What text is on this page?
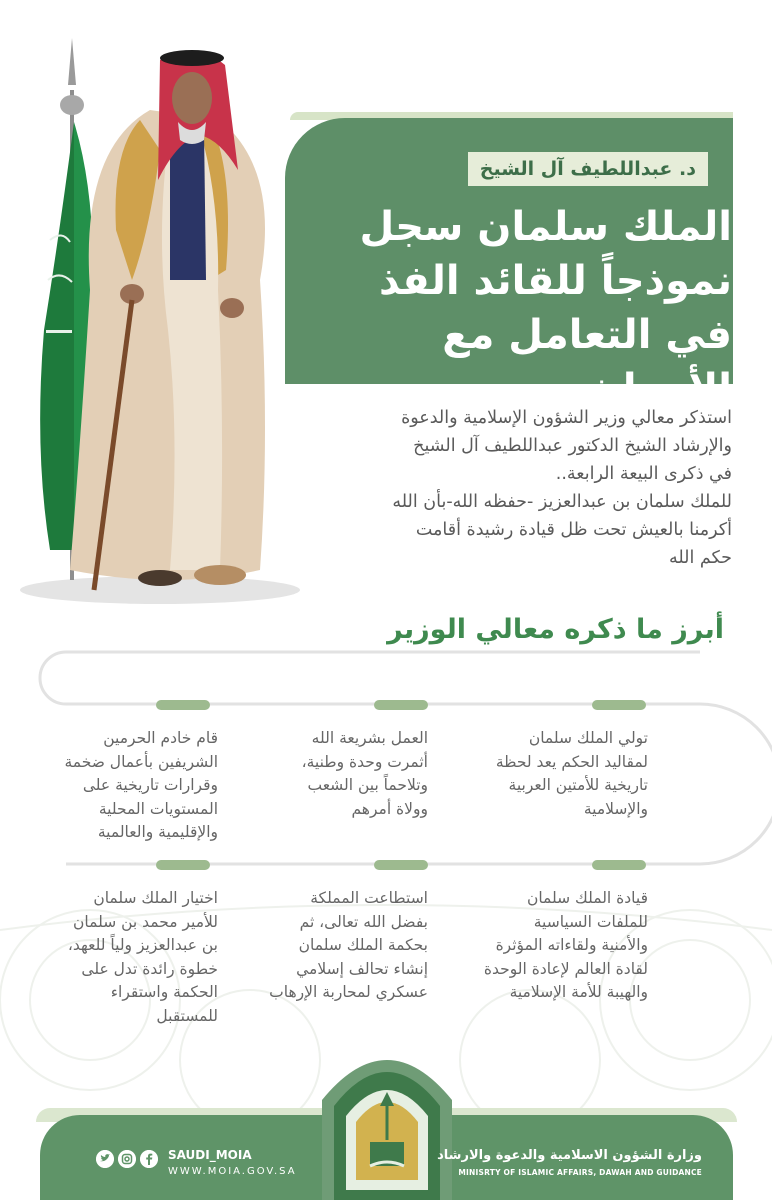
د. عبداللطيف آل الشيخ
الملك سلمان سجل
نموذجاً للقائد الفذ
في التعامل مع الأحداث

استذكر معالي وزير الشؤون الإسلامية والدعوة
والإرشاد الشيخ الدكتور عبداللطيف آل الشيخ
في ذكرى البيعة الرابعة..
للملك سلمان بن عبدالعزيز -حفظه الله-بأن الله
أكرمنا بالعيش تحت ظل قيادة رشيدة أقامت
حكم الله

أبرز ما ذكره معالي الوزير

تولي الملك سلمان
لمقاليد الحكم يعد لحظة
تاريخية للأمتين العربية
والإسلامية

العمل بشريعة الله
أثمرت وحدة وطنية،
وتلاحماً بين الشعب
وولاة أمرهم

قام خادم الحرمين
الشريفين بأعمال ضخمة
وقرارات تاريخية على
المستويات المحلية
والإقليمية والعالمية

قيادة الملك سلمان
للملفات السياسية
والأمنية ولقاءاته المؤثرة
لقادة العالم لإعادة الوحدة
والهيبة للأمة الإسلامية

استطاعت المملكة
بفضل الله تعالى، ثم
بحكمة الملك سلمان
إنشاء تحالف إسلامي
عسكري لمحاربة الإرهاب

اختيار الملك سلمان
للأمير محمد بن سلمان
بن عبدالعزيز ولياً للعهد،
خطوة رائدة تدل على
الحكمة واستقراء
للمستقبل

وزارة الشؤون الاسلامية والدعوة والارشاد
MINISRTY OF ISLAMIC AFFAIRS, DAWAH AND GUIDANCE
SAUDI_MOIA
WWW.MOIA.GOV.SA
